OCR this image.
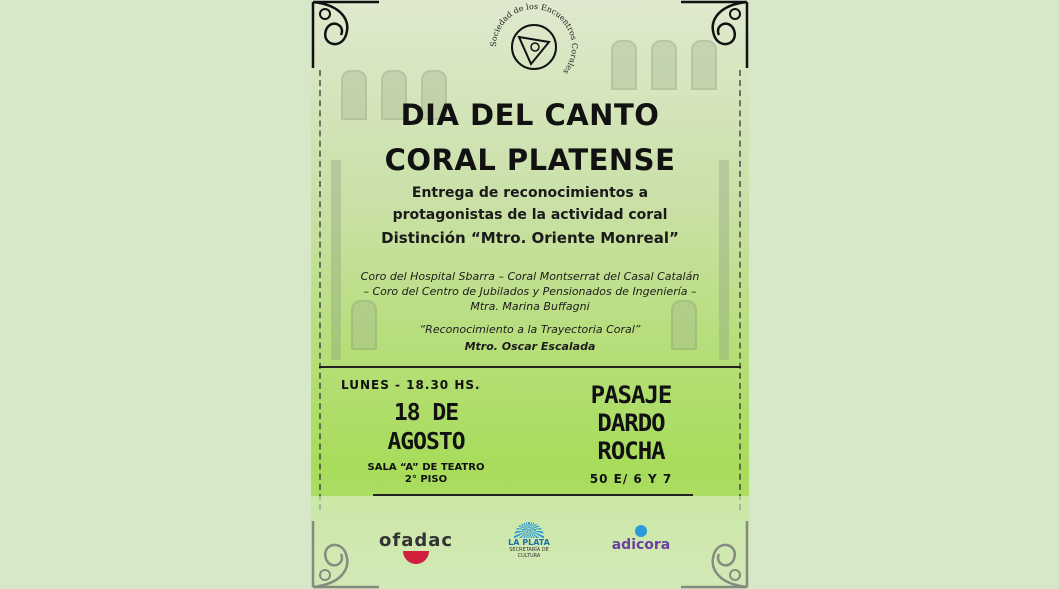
Sociedad de los Encuentros Corales
DIA DEL CANTO
CORAL PLATENSE
Entrega de reconocimientos a
protagonistas de la actividad coral
Distinción “Mtro. Oriente Monreal”
Coro del Hospital Sbarra – Coral Montserrat del Casal Catalán
– Coro del Centro de Jubilados y Pensionados de Ingeniería –
Mtra. Marina Buffagni
“Reconocimiento a la Trayectoria Coral”
Mtro. Oscar Escalada
LUNES - 18.30 HS.
18 DE
AGOSTO
SALA “A” DE TEATRO
2° PISO
PASAJE
DARDO
ROCHA
50 E/ 6 Y 7
ofadac	LA PLATA
SECRETARÍA DE CULTURA
adicora
